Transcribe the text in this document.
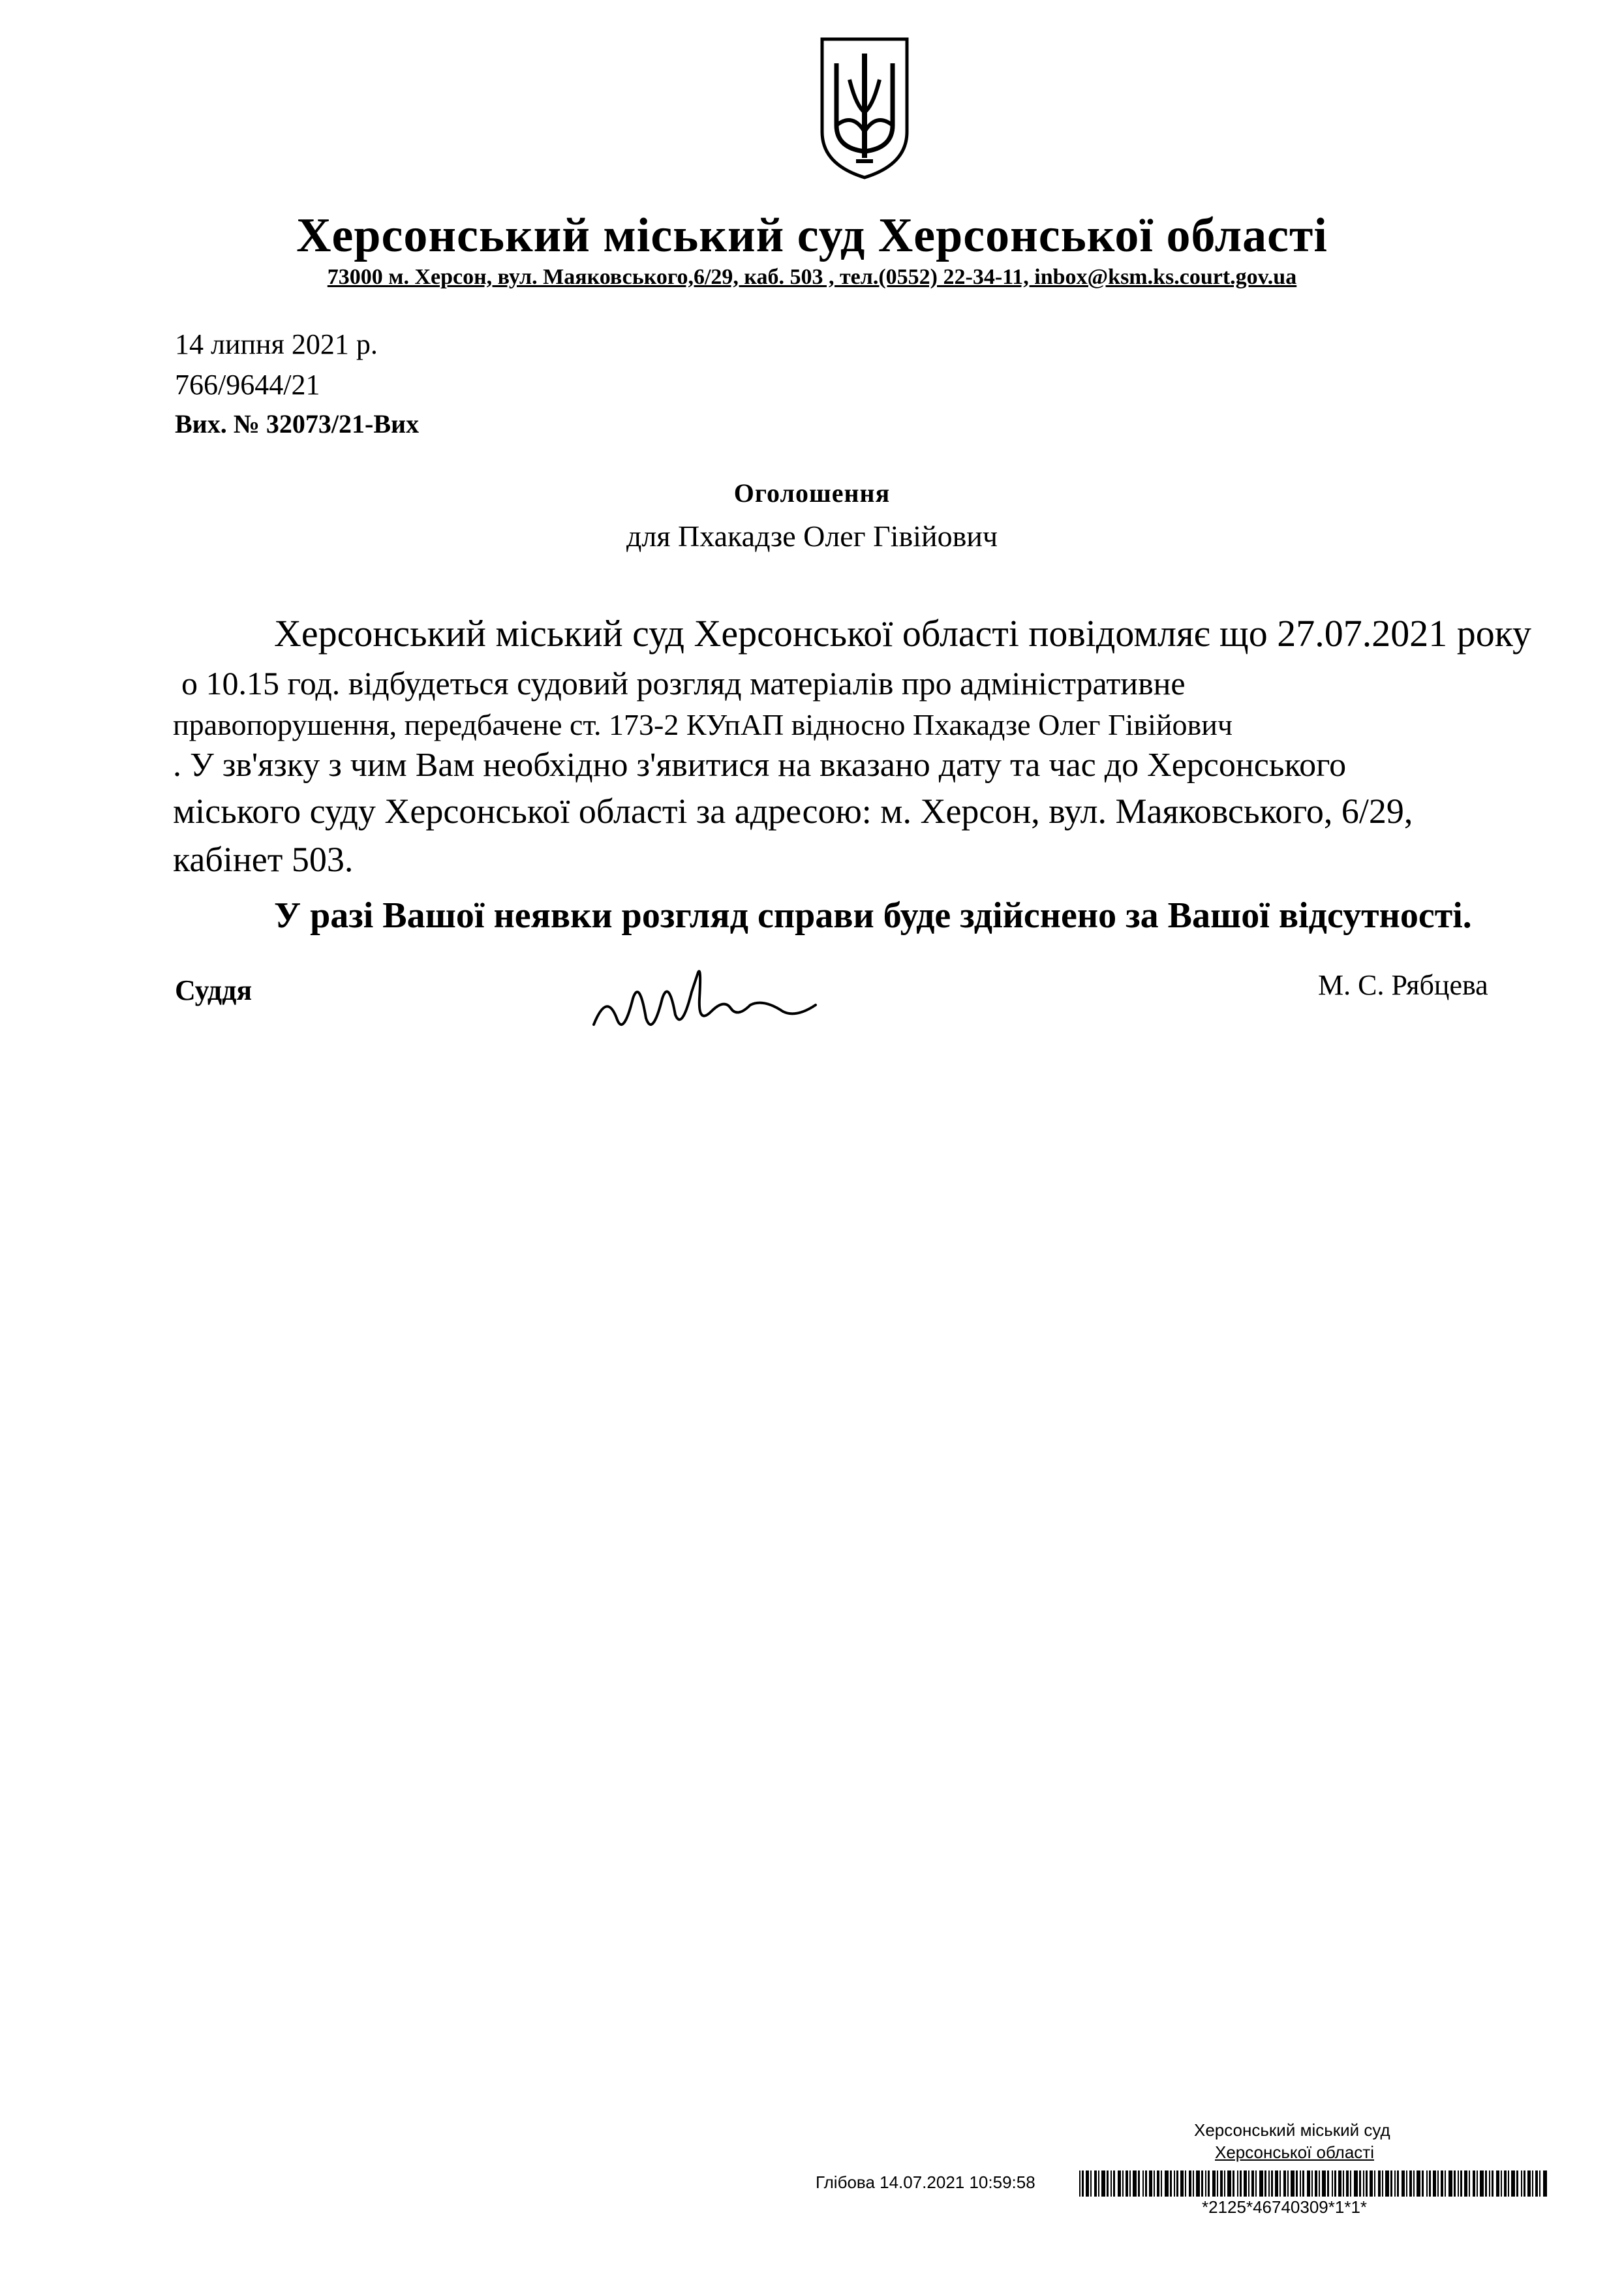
Херсонський міський суд Херсонської області
73000 м. Херсон, вул. Маяковського,6/29, каб. 503 , тел.(0552) 22-34-11, inbox@ksm.ks.court.gov.ua
14 липня 2021 р.
766/9644/21
Вих. № 32073/21-Вих
Оголошення
для Пхакадзе Олег Гівійович
Херсонський міський суд Херсонської області повідомляє що 27.07.2021 року
о 10.15 год. відбудеться судовий розгляд матеріалів про адміністративне
правопорушення, передбачене ст. 173-2 КУпАП відносно Пхакадзе Олег Гівійович
. У зв'язку з чим Вам необхідно з'явитися на вказано дату та час до Херсонського
міського суду Херсонської області за адресою: м. Херсон, вул. Маяковського, 6/29,
кабінет 503.
У разі Вашої неявки розгляд справи буде здійснено за Вашої відсутності.
Суддя	М. С. Рябцева
Херсонський міський суд
Херсонської області
Глібова 14.07.2021 10:59:58
*2125*46740309*1*1*
